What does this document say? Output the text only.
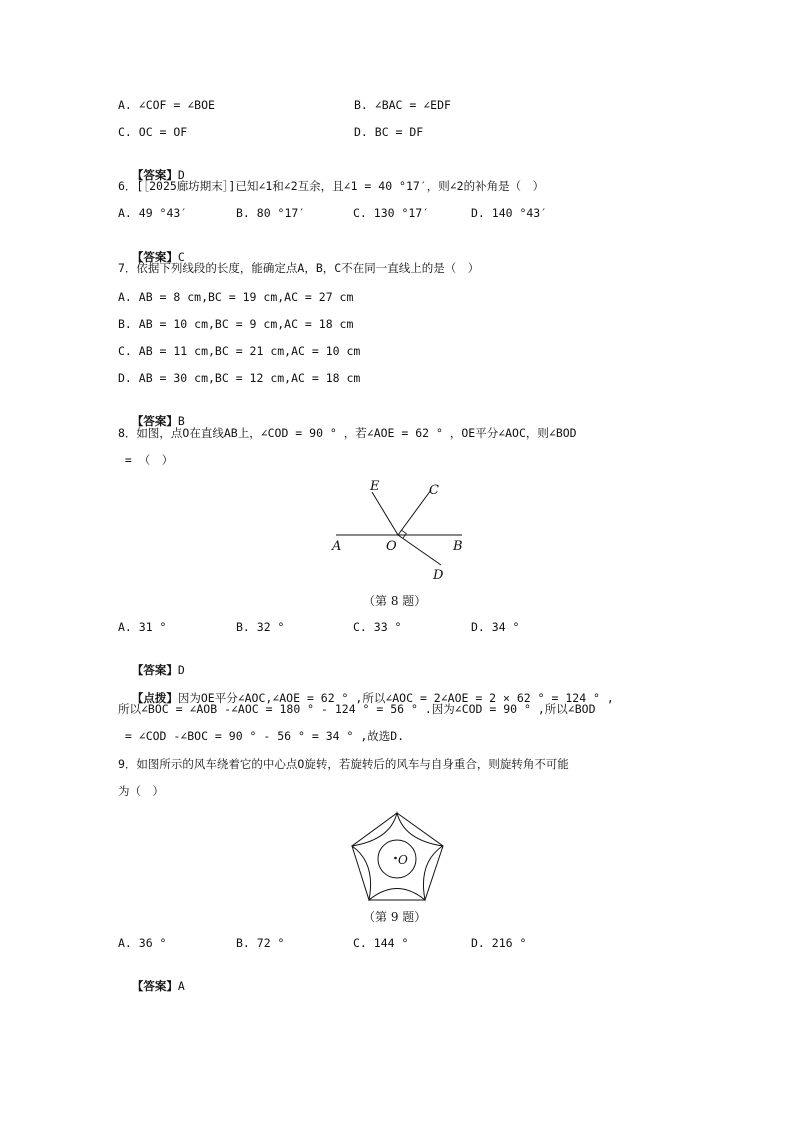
A. ∠COF = ∠BOE	B. ∠BAC = ∠EDF
C. OC = OF	D. BC = DF

【答案】D

6．[［2025廊坊期末］]已知∠1和∠2互余，且∠1 = 40 °17′，则∠2的补角是（　）
A. 49 °43′	B. 80 °17′	C. 130 °17′	D. 140 °43′

【答案】C

7．依据下列线段的长度，能确定点A，B，C不在同一直线上的是（　）
A. AB = 8 cm,BC = 19 cm,AC = 27 cm
B. AB = 10 cm,BC = 9 cm,AC = 18 cm
C. AB = 11 cm,BC = 21 cm,AC = 10 cm
D. AB = 30 cm,BC = 12 cm,AC = 18 cm

【答案】B

8．如图，点O在直线AB上，∠COD = 90 ° ，若∠AOE = 62 ° ，OE平分∠AOC，则∠BOD
= （　）
E	C
A	O	B
D
（第 8 题）
A. 31 °	B. 32 °	C. 33 °	D. 34 °

【答案】D

【点拨】因为OE平分∠AOC,∠AOE = 62 ° ,所以∠AOC = 2∠AOE = 2 × 62 ° = 124 ° ,

所以∠BOC = ∠AOB -∠AOC = 180 ° - 124 ° = 56 ° .因为∠COD = 90 ° ,所以∠BOD
= ∠COD -∠BOC = 90 ° - 56 ° = 34 ° ,故选D.
9．如图所示的风车绕着它的中心点O旋转，若旋转后的风车与自身重合，则旋转角不可能
为（　）
O
（第 9 题）
A. 36 °	B. 72 °	C. 144 °	D. 216 °

【答案】A
